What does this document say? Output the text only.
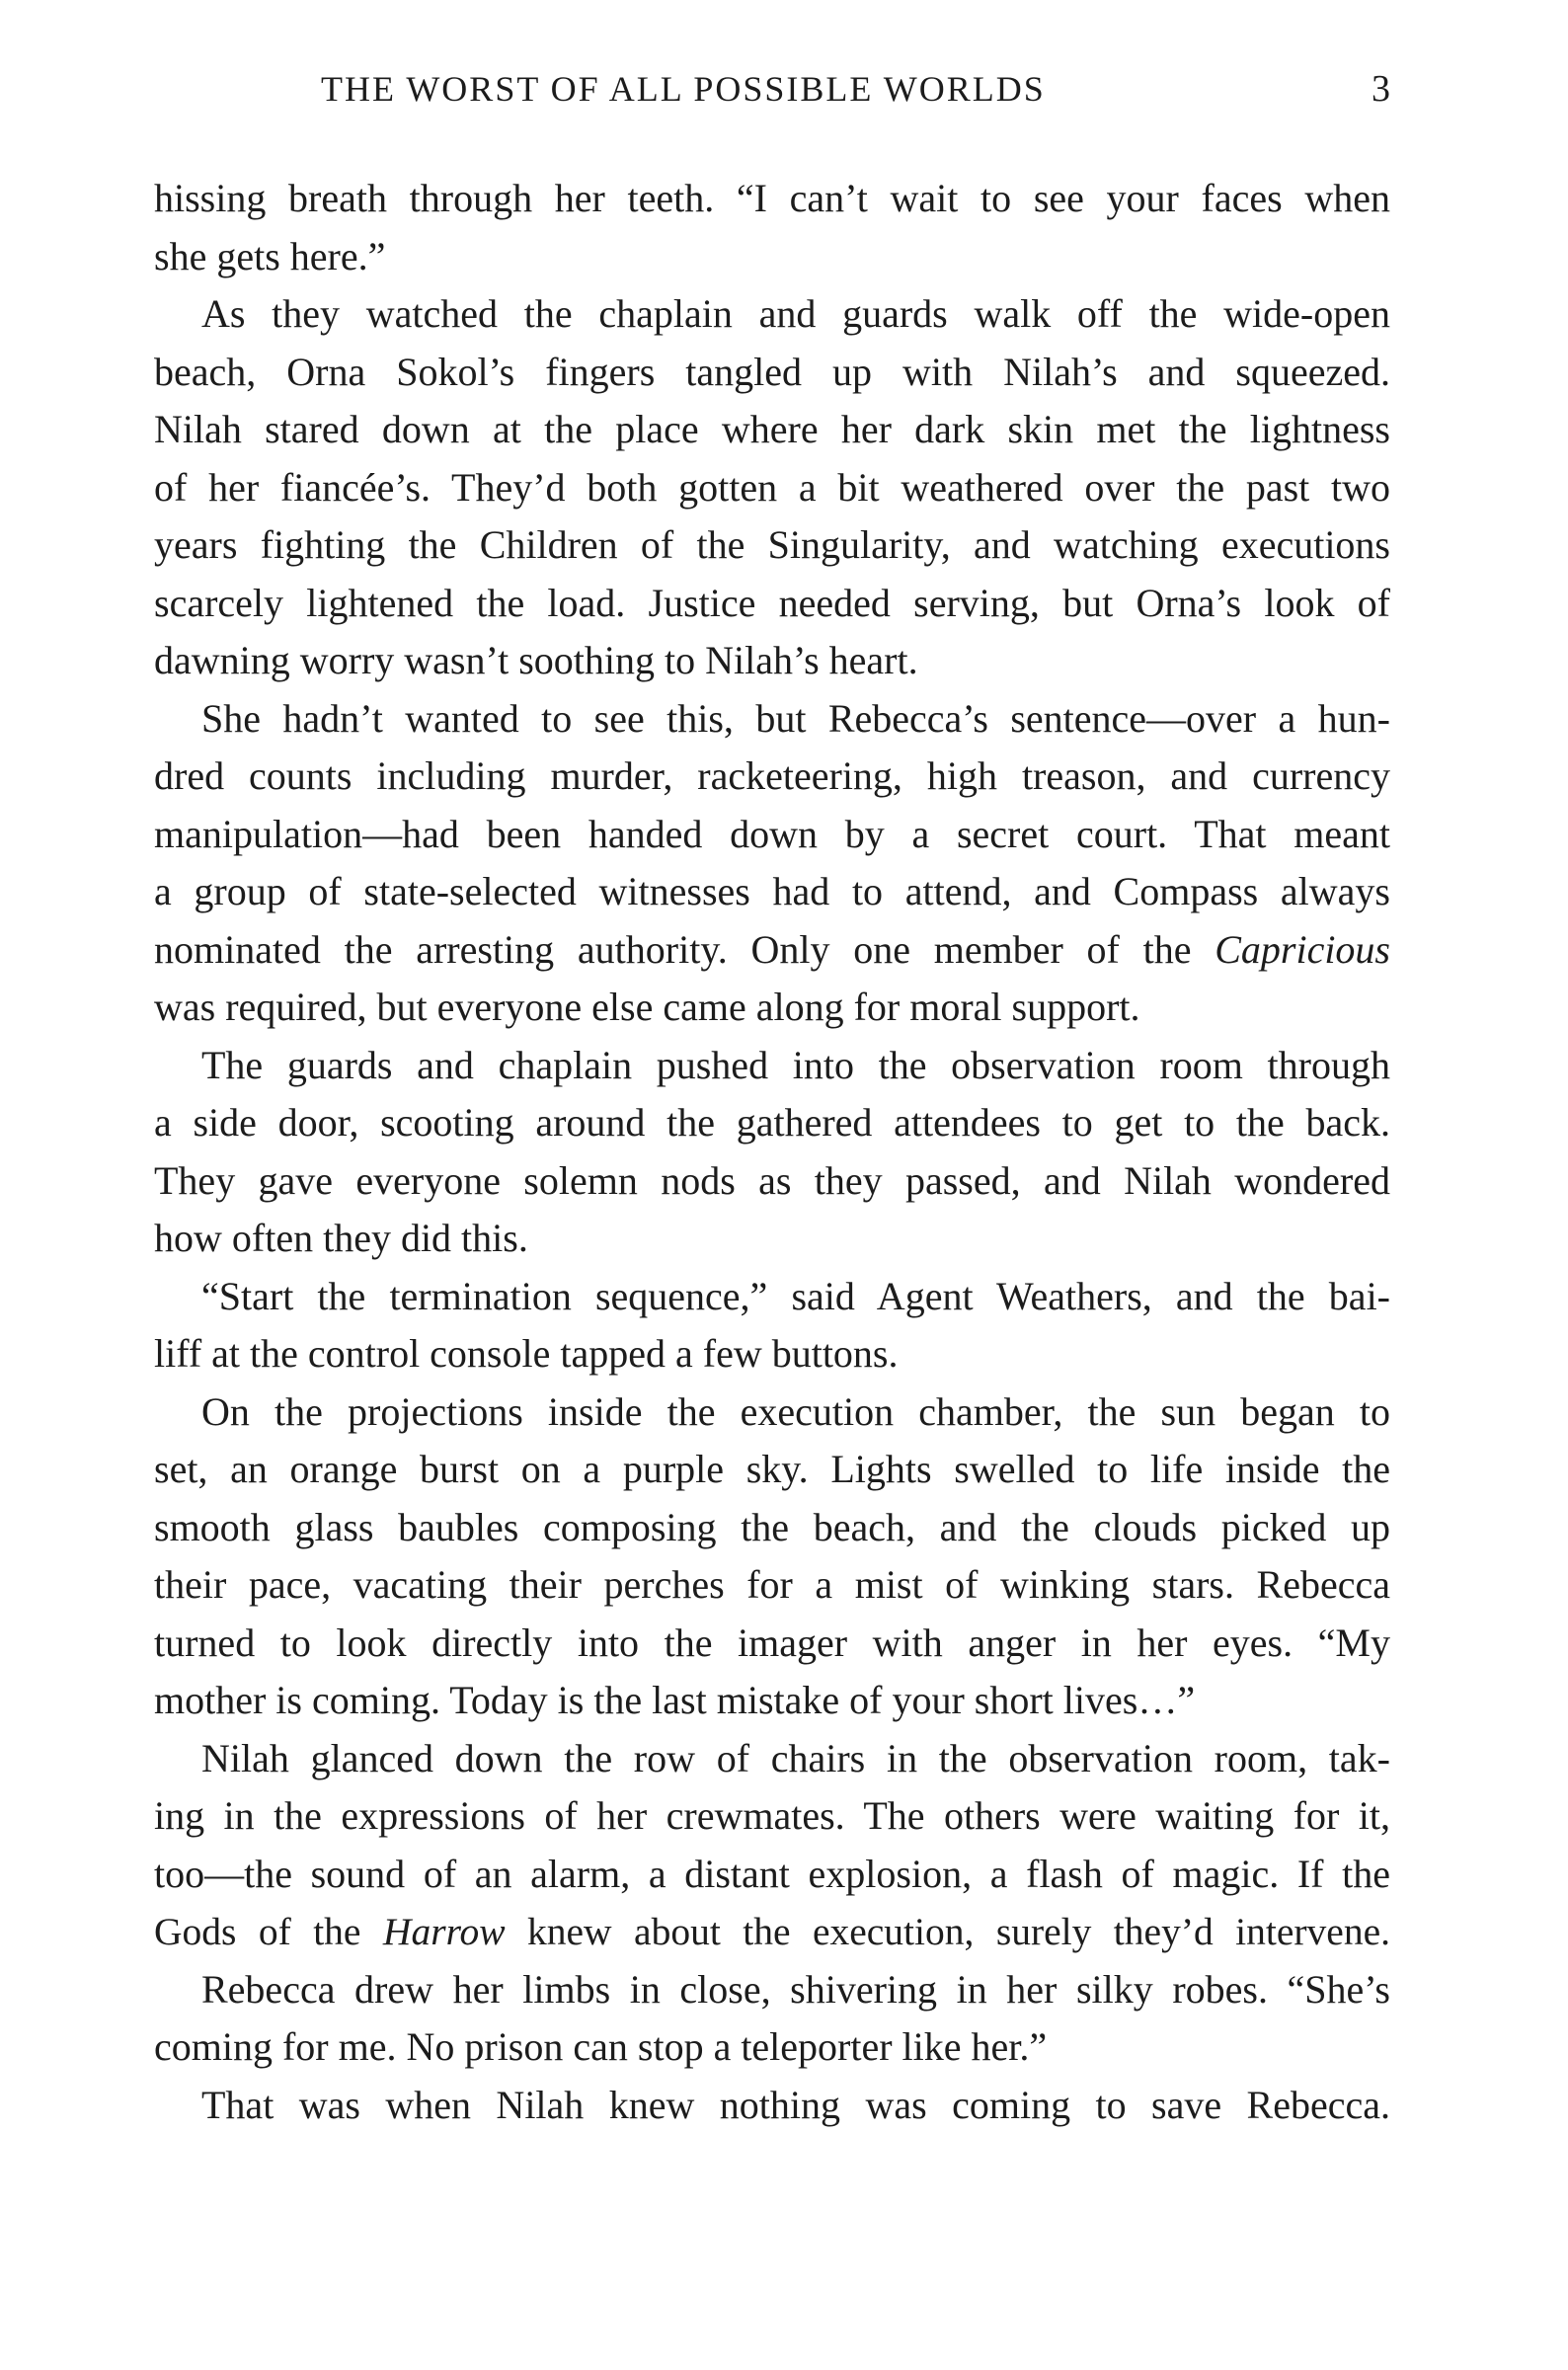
THE WORST OF ALL POSSIBLE WORLDS	3
hissing breath through her teeth. “I can’t wait to see your faces when
she gets here.”
As they watched the chaplain and guards walk off the wide-open
beach, Orna Sokol’s fingers tangled up with Nilah’s and squeezed.
Nilah stared down at the place where her dark skin met the lightness
of her fiancée’s. They’d both gotten a bit weathered over the past two
years fighting the Children of the Singularity, and watching executions
scarcely lightened the load. Justice needed serving, but Orna’s look of
dawning worry wasn’t soothing to Nilah’s heart.
She hadn’t wanted to see this, but Rebecca’s sentence—over a hun-
dred counts including murder, racketeering, high treason, and currency
manipulation—had been handed down by a secret court. That meant
a group of state-selected witnesses had to attend, and Compass always
nominated the arresting authority. Only one member of the Capricious
was required, but everyone else came along for moral support.
The guards and chaplain pushed into the observation room through
a side door, scooting around the gathered attendees to get to the back.
They gave everyone solemn nods as they passed, and Nilah wondered
how often they did this.
“Start the termination sequence,” said Agent Weathers, and the bai-
liff at the control console tapped a few buttons.
On the projections inside the execution chamber, the sun began to
set, an orange burst on a purple sky. Lights swelled to life inside the
smooth glass baubles composing the beach, and the clouds picked up
their pace, vacating their perches for a mist of winking stars. Rebecca
turned to look directly into the imager with anger in her eyes. “My
mother is coming. Today is the last mistake of your short lives…”
Nilah glanced down the row of chairs in the observation room, tak-
ing in the expressions of her crewmates. The others were waiting for it,
too—the sound of an alarm, a distant explosion, a flash of magic. If the
Gods of the Harrow knew about the execution, surely they’d intervene.
Rebecca drew her limbs in close, shivering in her silky robes. “She’s
coming for me. No prison can stop a teleporter like her.”
That was when Nilah knew nothing was coming to save Rebecca.
